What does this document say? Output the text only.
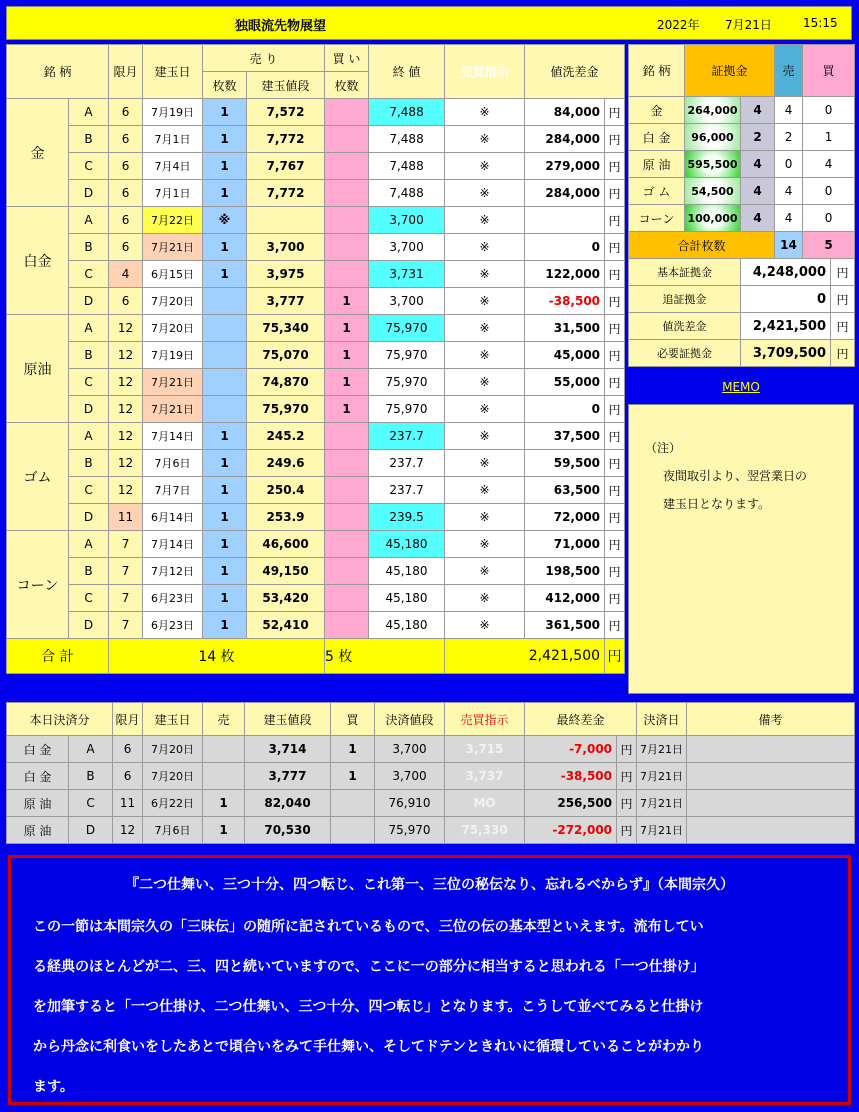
独眼流先物展望	2022年 7月21日	15:15
銘 柄		限月	建玉日	売 り		買 い	終 値	売買指示	値洗差金	
				枚数	建玉値段	枚数				
金	A	6	7月19日	1	7,572		7,488	※	84,000	円
	B	6	7月1日	1	7,772		7,488	※	284,000	円
	C	6	7月4日	1	7,767		7,488	※	279,000	円
	D	6	7月1日	1	7,772		7,488	※	284,000	円
白金	A	6	7月22日	※			3,700	※		円
	B	6	7月21日	1	3,700		3,700	※	0	円
	C	4	6月15日	1	3,975		3,731	※	122,000	円
	D	6	7月20日		3,777	1	3,700	※	-38,500	円
原油	A	12	7月20日		75,340	1	75,970	※	31,500	円
	B	12	7月19日		75,070	1	75,970	※	45,000	円
	C	12	7月21日		74,870	1	75,970	※	55,000	円
	D	12	7月21日		75,970	1	75,970	※	0	円
ゴム	A	12	7月14日	1	245.2		237.7	※	37,500	円
	B	12	7月6日	1	249.6		237.7	※	59,500	円
	C	12	7月7日	1	250.4		237.7	※	63,500	円
	D	11	6月14日	1	253.9		239.5	※	72,000	円
コーン	A	7	7月14日	1	46,600		45,180	※	71,000	円
	B	7	7月12日	1	49,150		45,180	※	198,500	円
	C	7	6月23日	1	53,420		45,180	※	412,000	円
	D	7	6月23日	1	52,410		45,180	※	361,500	円
合 計		14 枚				5 枚		2,421,500		円
銘 柄	証拠金		売	買	
金	264,000	4	4	0	
白 金	96,000	2	2	1	
原 油	595,500	4	0	4	
ゴ ム	54,500	4	4	0	
コーン	100,000	4	4	0	
合計枚数			14	5	
基本証拠金		4,248,000			円
追証拠金		0			円
値洗差金		2,421,500			円
必要証拠金		3,709,500			円
MEMO
（注）
夜間取引より、翌営業日の
建玉日となります。
本日決済分		限月	建玉日	売	建玉値段	買	決済値段	売買指示	最終差金		決済日	備考
白 金	A	6	7月20日		3,714	1	3,700	3,715	-7,000	円	7月21日	
白 金	B	6	7月20日		3,777	1	3,700	3,737	-38,500	円	7月21日	
原 油	C	11	6月22日	1	82,040		76,910	MO	256,500	円	7月21日	
原 油	D	12	7月6日	1	70,530		75,970	75,330	-272,000	円	7月21日	
『二つ仕舞い、三つ十分、四つ転じ、これ第一、三位の秘伝なり、忘れるべからず』（本間宗久）
この一節は本間宗久の「三味伝」の随所に記されているもので、三位の伝の基本型といえます。流布してい
る経典のほとんどが二、三、四と続いていますので、ここに一の部分に相当すると思われる「一つ仕掛け」
を加筆すると「一つ仕掛け、二つ仕舞い、三つ十分、四つ転じ」となります。こうして並べてみると仕掛け
から丹念に利食いをしたあとで頃合いをみて手仕舞い、そしてドテンときれいに循環していることがわかり
ます。
